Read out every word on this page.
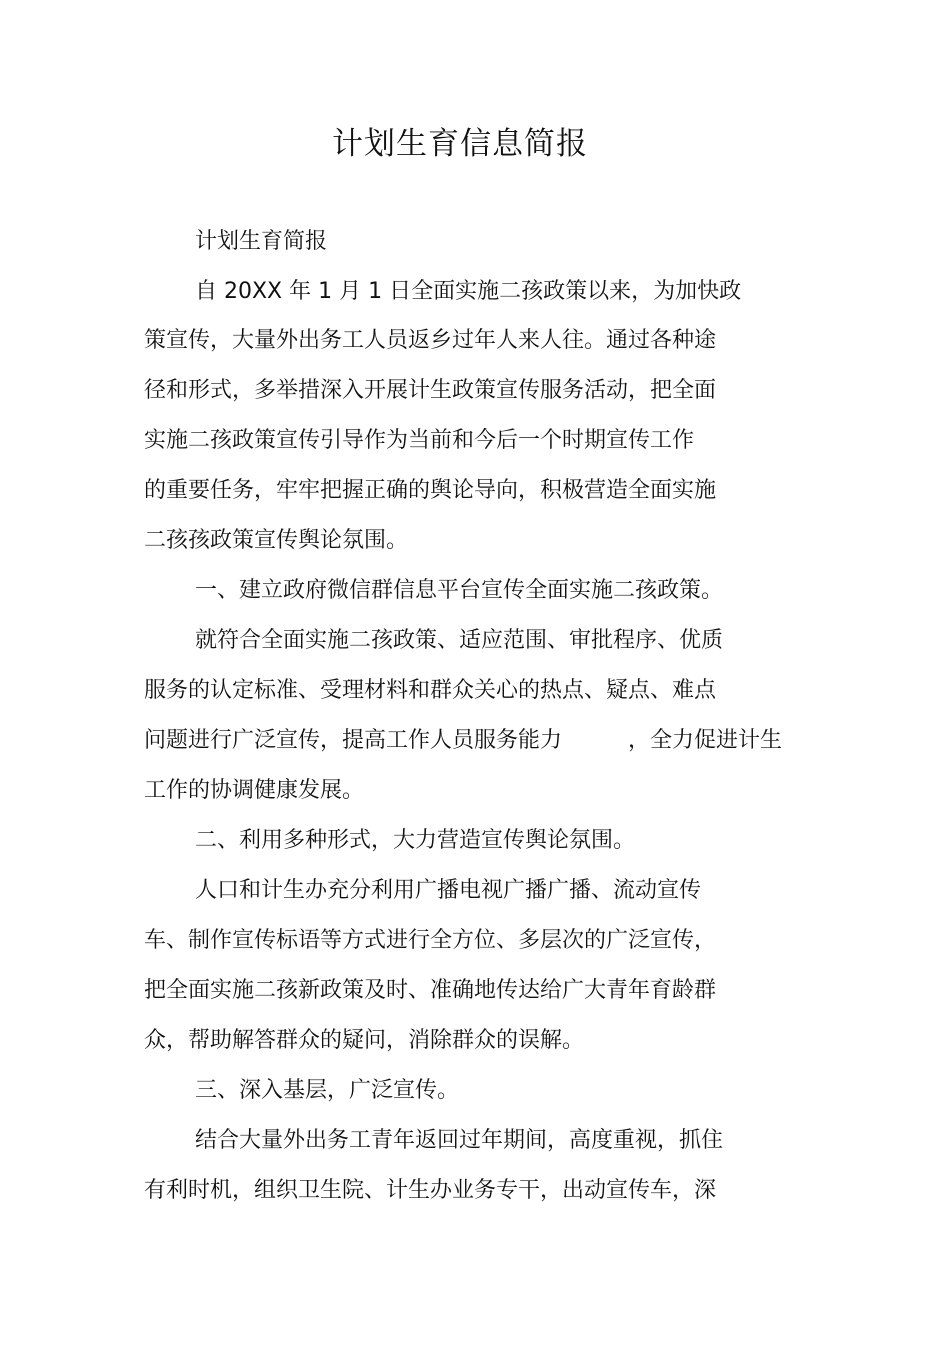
计划生育信息简报
计划生育简报
自 20XX 年 1 月 1 日全面实施二孩政策以来，为加快政
策宣传，大量外出务工人员返乡过年人来人往。通过各种途
径和形式，多举措深入开展计生政策宣传服务活动，把全面
实施二孩政策宣传引导作为当前和今后一个时期宣传工作
的重要任务，牢牢把握正确的舆论导向，积极营造全面实施
二孩孩政策宣传舆论氛围。
一、建立政府微信群信息平台宣传全面实施二孩政策。
就符合全面实施二孩政策、适应范围、审批程序、优质
服务的认定标准、受理材料和群众关心的热点、疑点、难点
问题进行广泛宣传，提高工作人员服务能力　　　，全力促进计生
工作的协调健康发展。
二、利用多种形式，大力营造宣传舆论氛围。
人口和计生办充分利用广播电视广播广播、流动宣传
车、制作宣传标语等方式进行全方位、多层次的广泛宣传，
把全面实施二孩新政策及时、准确地传达给广大青年育龄群
众，帮助解答群众的疑问，消除群众的误解。
三、深入基层，广泛宣传。
结合大量外出务工青年返回过年期间，高度重视，抓住
有利时机，组织卫生院、计生办业务专干，出动宣传车，深
